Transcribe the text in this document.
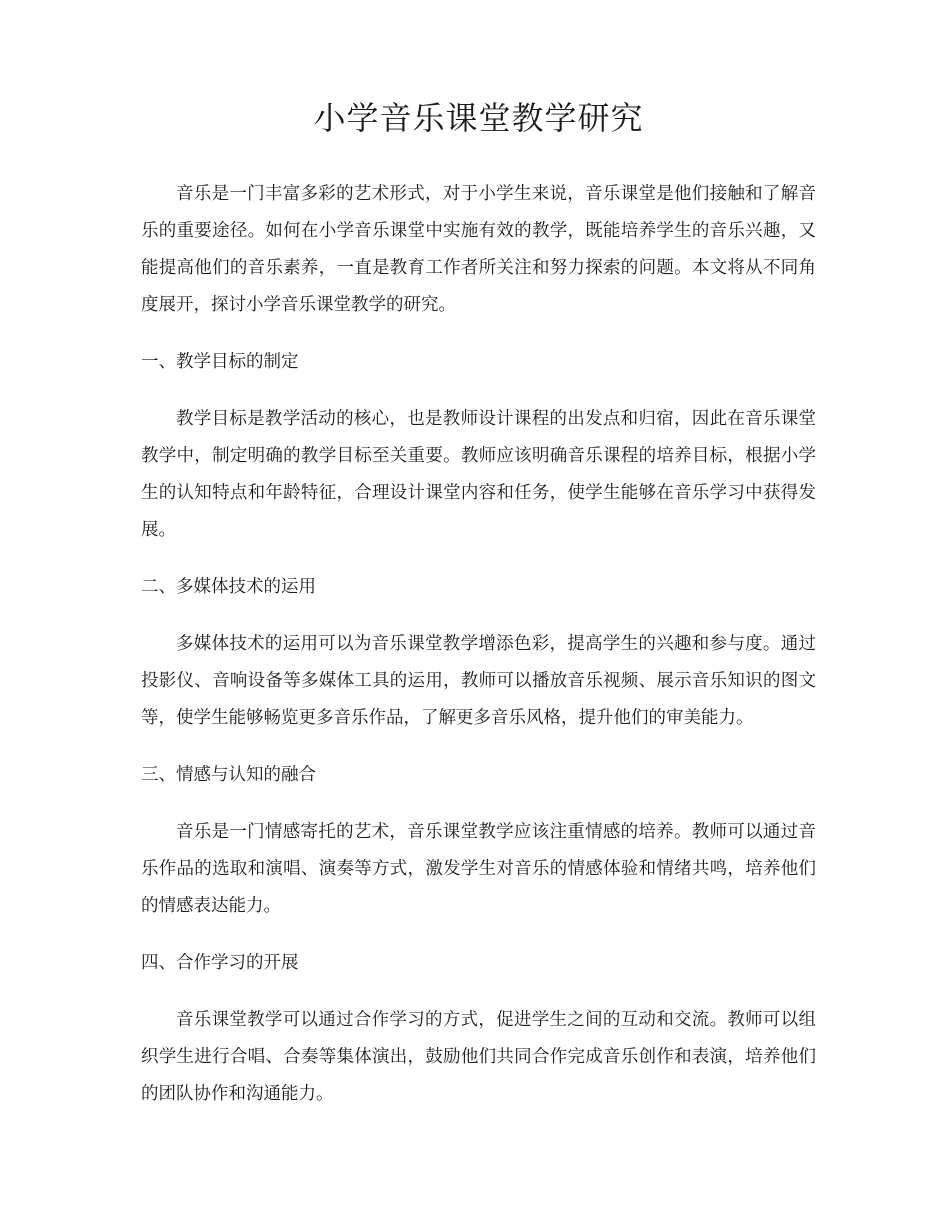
小学音乐课堂教学研究

音乐是一门丰富多彩的艺术形式，对于小学生来说，音乐课堂是他们接触和了解音乐的重要途径。如何在小学音乐课堂中实施有效的教学，既能培养学生的音乐兴趣，又能提高他们的音乐素养，一直是教育工作者所关注和努力探索的问题。本文将从不同角度展开，探讨小学音乐课堂教学的研究。

一、教学目标的制定

教学目标是教学活动的核心，也是教师设计课程的出发点和归宿，因此在音乐课堂教学中，制定明确的教学目标至关重要。教师应该明确音乐课程的培养目标，根据小学生的认知特点和年龄特征，合理设计课堂内容和任务，使学生能够在音乐学习中获得发展。

二、多媒体技术的运用

多媒体技术的运用可以为音乐课堂教学增添色彩，提高学生的兴趣和参与度。通过投影仪、音响设备等多媒体工具的运用，教师可以播放音乐视频、展示音乐知识的图文等，使学生能够畅览更多音乐作品，了解更多音乐风格，提升他们的审美能力。

三、情感与认知的融合

音乐是一门情感寄托的艺术，音乐课堂教学应该注重情感的培养。教师可以通过音乐作品的选取和演唱、演奏等方式，激发学生对音乐的情感体验和情绪共鸣，培养他们的情感表达能力。

四、合作学习的开展

音乐课堂教学可以通过合作学习的方式，促进学生之间的互动和交流。教师可以组织学生进行合唱、合奏等集体演出，鼓励他们共同合作完成音乐创作和表演，培养他们的团队协作和沟通能力。
